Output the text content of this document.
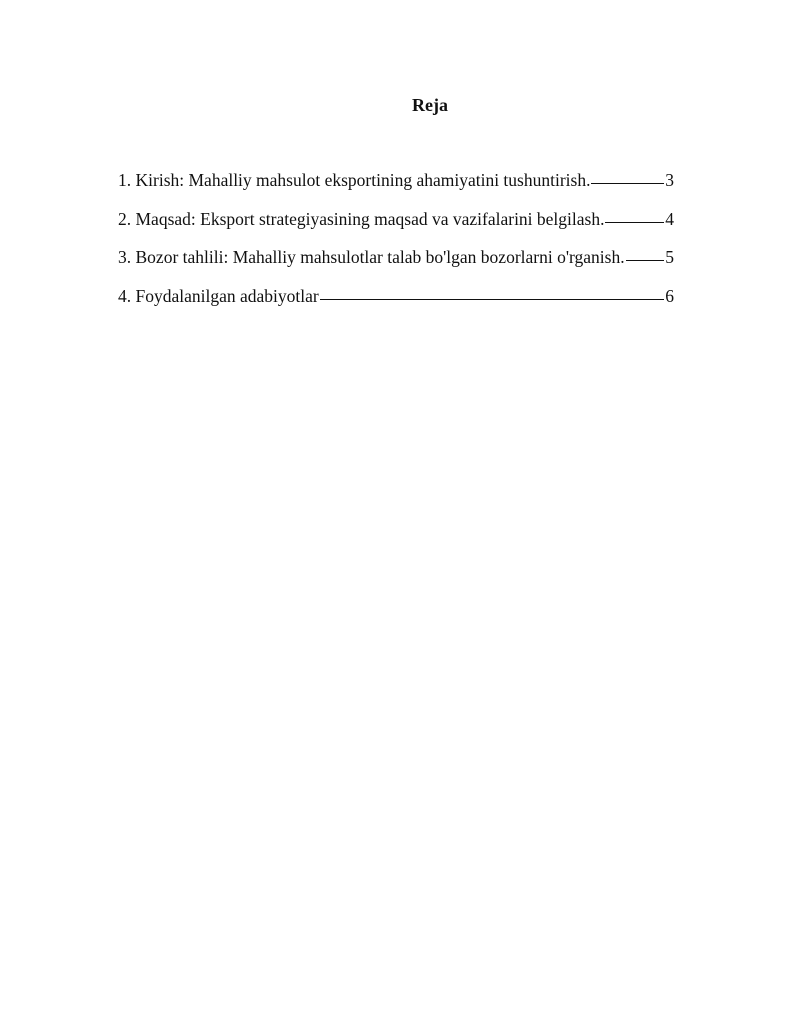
Reja
1. Kirish: Mahalliy mahsulot eksportining ahamiyatini tushuntirish.	3
2. Maqsad: Eksport strategiyasining maqsad va vazifalarini belgilash.	4
3. Bozor tahlili: Mahalliy mahsulotlar talab bo'lgan bozorlarni o'rganish. 5
4. Foydalanilgan adabiyotlar	6
